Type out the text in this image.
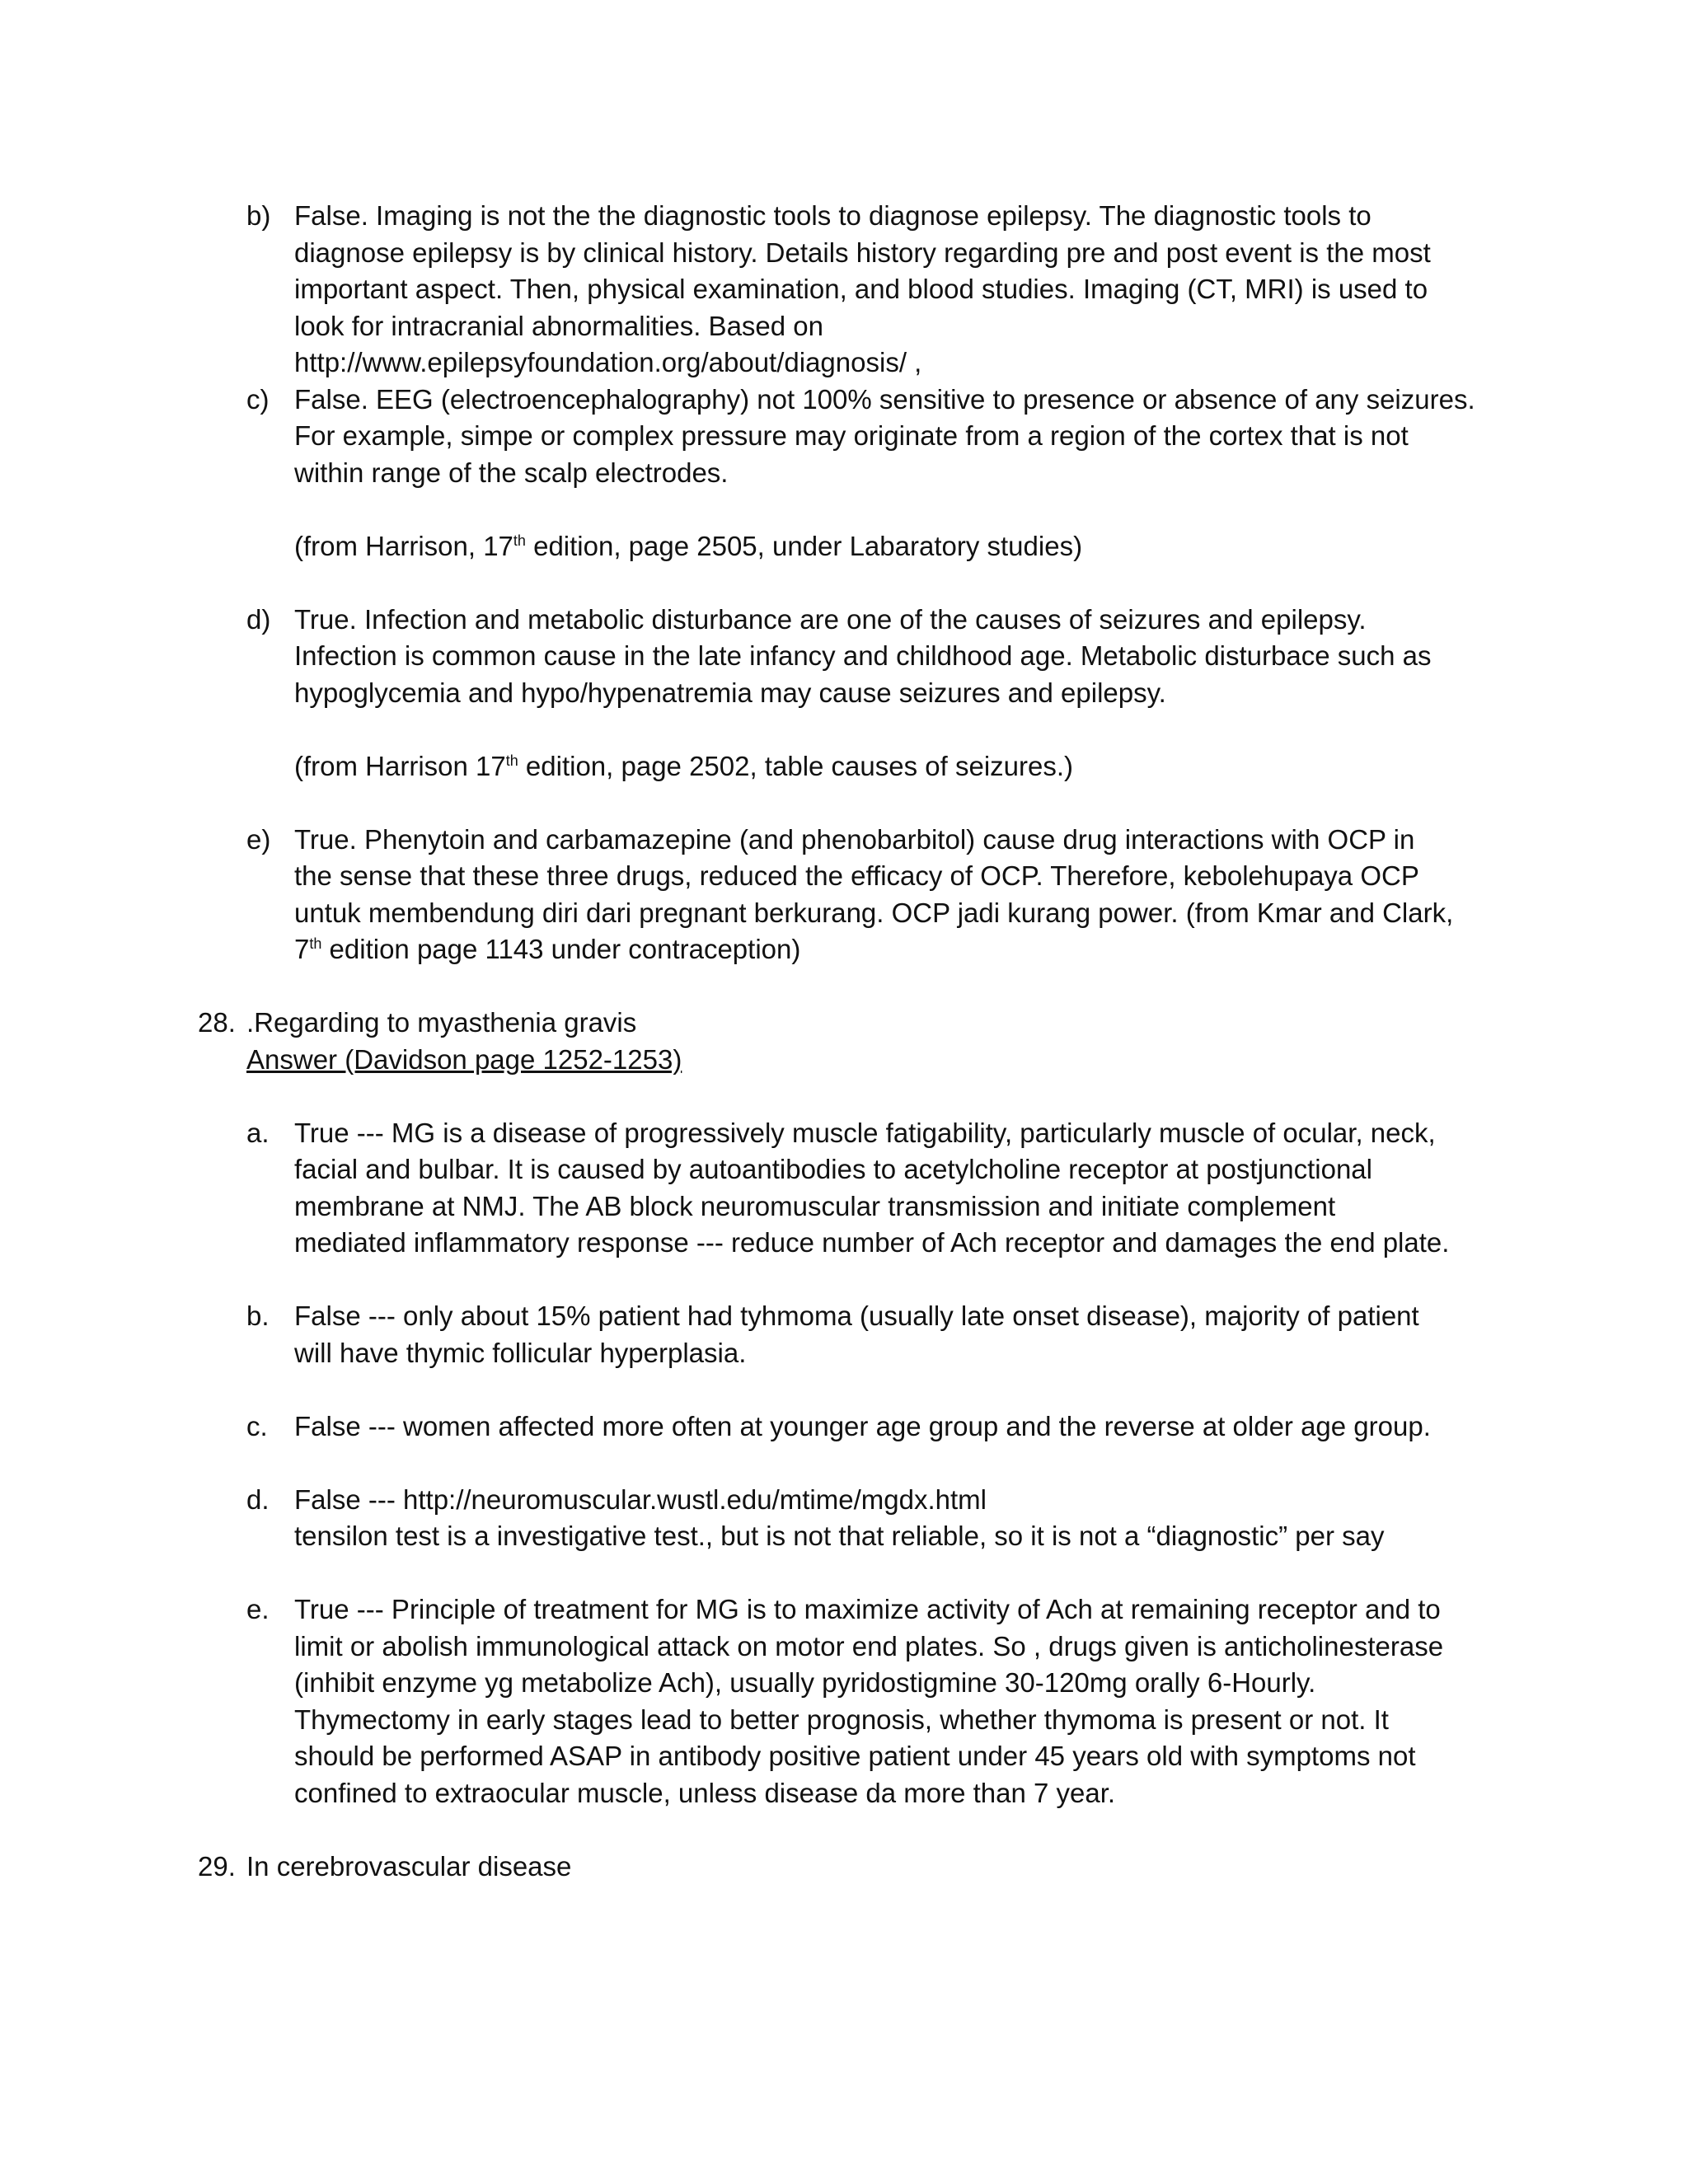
b) False. Imaging is not the the diagnostic tools to diagnose epilepsy. The diagnostic tools to
diagnose epilepsy is by clinical history. Details history regarding pre and post event is the most
important aspect. Then, physical examination, and blood studies. Imaging (CT, MRI) is used to
look for intracranial abnormalities. Based on
http://www.epilepsyfoundation.org/about/diagnosis/ ,
c) False. EEG (electroencephalography) not 100% sensitive to presence or absence of any seizures.
For example, simpe or complex pressure may originate from a region of the cortex that is not
within range of the scalp electrodes.
(from Harrison, 17th edition, page 2505, under Labaratory studies)
d) True. Infection and metabolic disturbance are one of the causes of seizures and epilepsy.
Infection is common cause in the late infancy and childhood age. Metabolic disturbace such as
hypoglycemia and hypo/hypenatremia may cause seizures and epilepsy.
(from Harrison 17th edition, page 2502, table causes of seizures.)
e) True. Phenytoin and carbamazepine (and phenobarbitol) cause drug interactions with OCP in
the sense that these three drugs, reduced the efficacy of OCP. Therefore, kebolehupaya OCP
untuk membendung diri dari pregnant berkurang. OCP jadi kurang power. (from Kmar and Clark,
7th edition page 1143 under contraception)
28. .Regarding to myasthenia gravis
Answer (Davidson page 1252-1253)
a. True --- MG is a disease of progressively muscle fatigability, particularly muscle of ocular, neck,
facial and bulbar. It is caused by autoantibodies to acetylcholine receptor at postjunctional
membrane at NMJ. The AB block neuromuscular transmission and initiate complement
mediated inflammatory response --- reduce number of Ach receptor and damages the end plate.
b. False --- only about 15% patient had tyhmoma (usually late onset disease), majority of patient
will have thymic follicular hyperplasia.
c. False --- women affected more often at younger age group and the reverse at older age group.
d. False --- http://neuromuscular.wustl.edu/mtime/mgdx.html
tensilon test is a investigative test., but is not that reliable, so it is not a “diagnostic” per say
e. True --- Principle of treatment for MG is to maximize activity of Ach at remaining receptor and to
limit or abolish immunological attack on motor end plates. So , drugs given is anticholinesterase
(inhibit enzyme yg metabolize Ach), usually pyridostigmine 30-120mg orally 6-Hourly.
Thymectomy in early stages lead to better prognosis, whether thymoma is present or not. It
should be performed ASAP in antibody positive patient under 45 years old with symptoms not
confined to extraocular muscle, unless disease da more than 7 year.
29. In cerebrovascular disease
